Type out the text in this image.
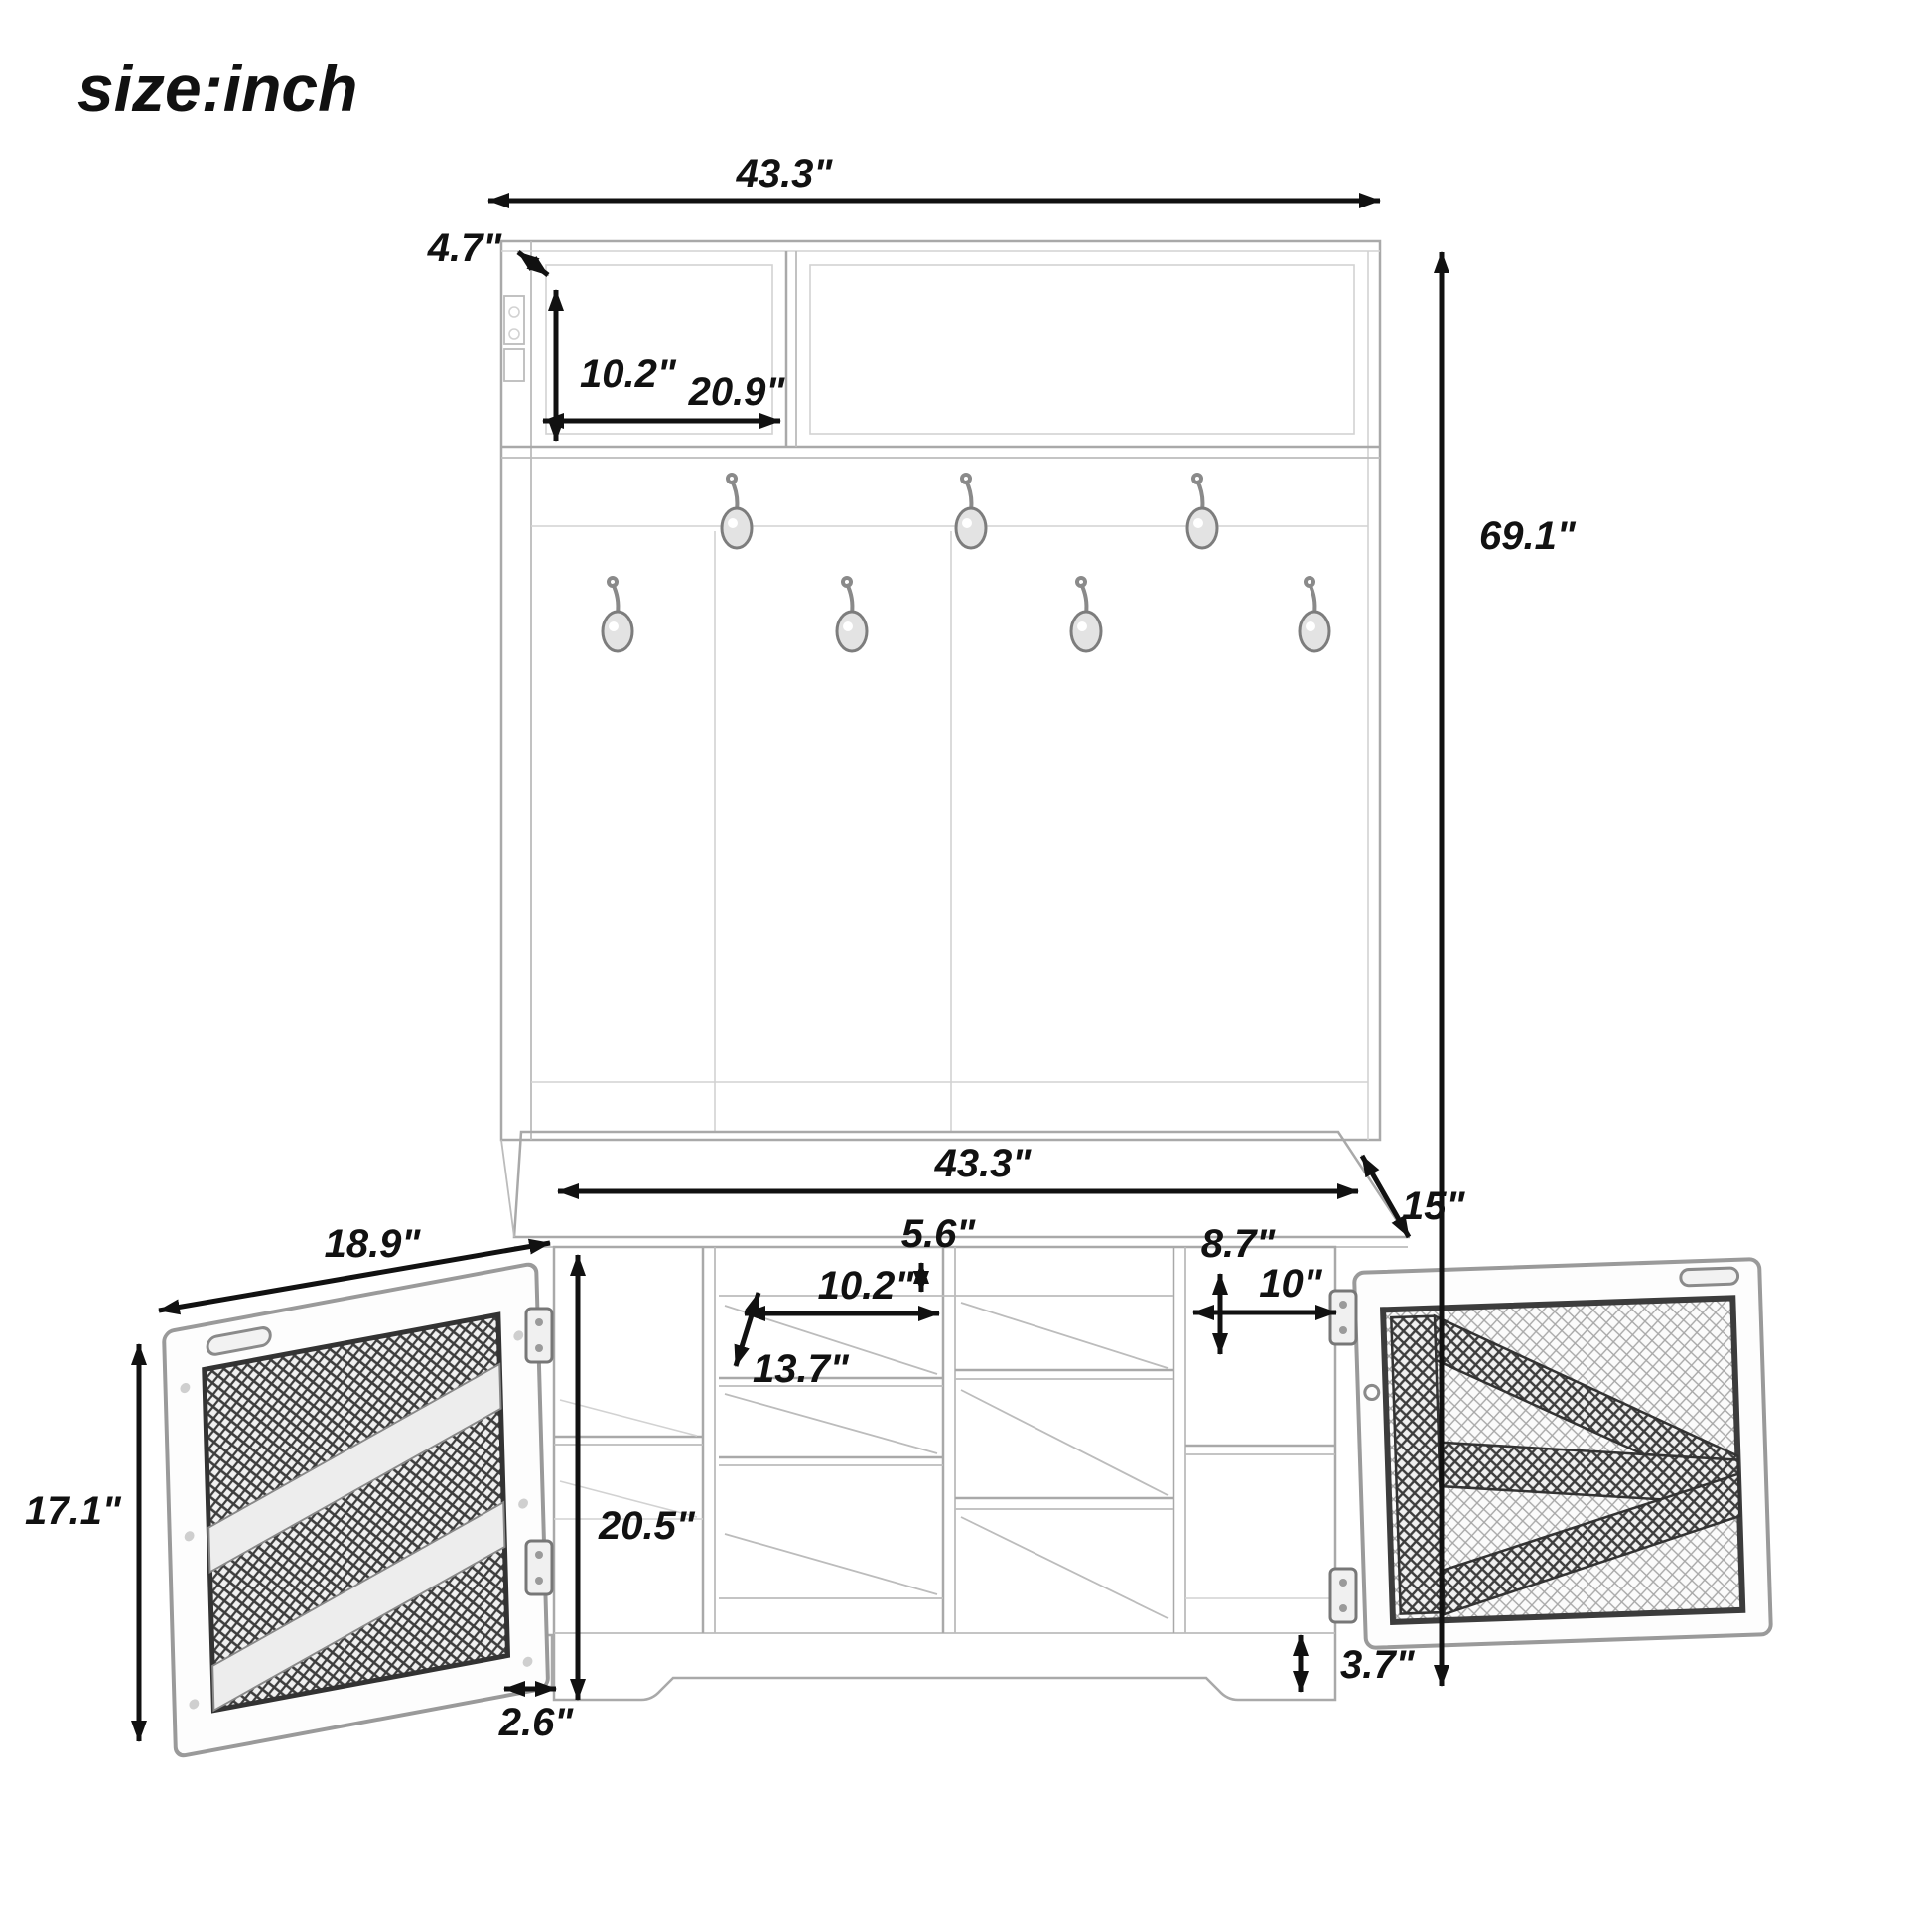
size:inch
43.3"
4.7"
10.2" 20.9"
69.1"
43.3"
15"
5.6"
10.2"
13.7"
8.7"
10"
18.9"
17.1"	20.5"
2.6"
3.7"
